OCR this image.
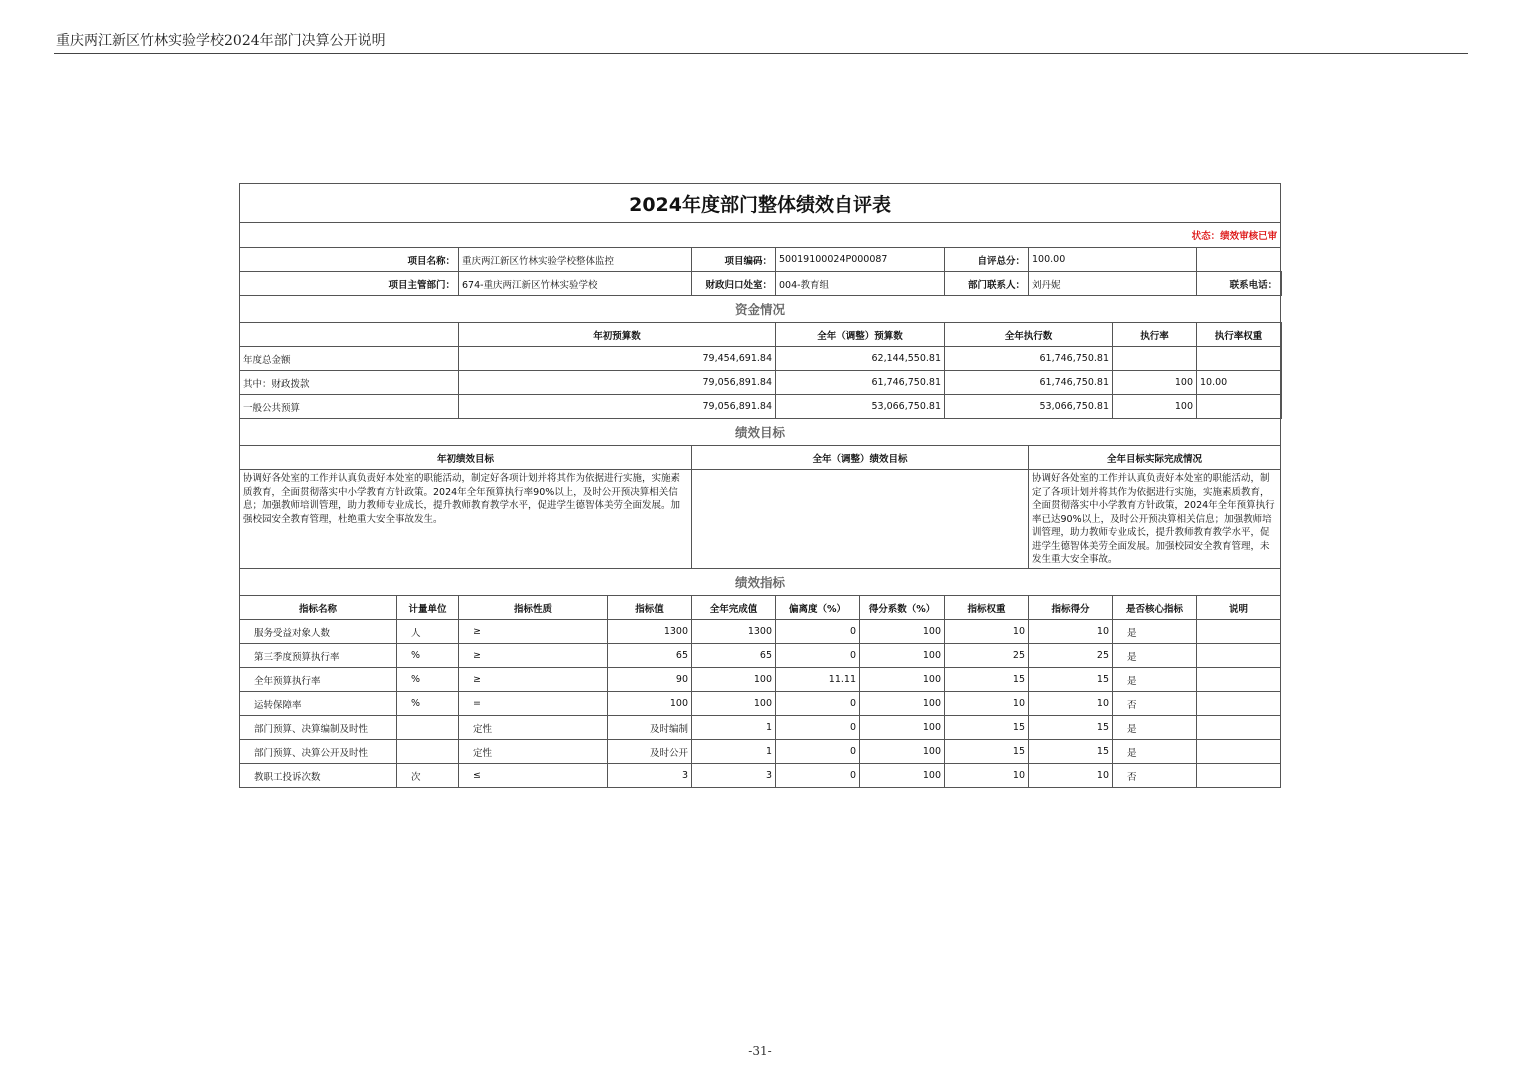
重庆两江新区竹林实验学校2024年部门决算公开说明
2024年度部门整体绩效自评表											
状态：绩效审核已审											
项目名称：		重庆两江新区竹林实验学校整体监控		项目编码：	50019100024P000087		自评总分：	100.00			
项目主管部门：		674-重庆两江新区竹林实验学校		财政归口处室：	004-教育组		部门联系人：	刘丹妮		联系电话：	
资金情况											
		年初预算数			全年（调整）预算数		全年执行数		执行率	执行率权重	
年度总金额		79,454,691.84			62,144,550.81		61,746,750.81				
其中：财政拨款		79,056,891.84			61,746,750.81		61,746,750.81		100	10.00	
一般公共预算		79,056,891.84			53,066,750.81		53,066,750.81		100		
绩效目标											
年初绩效目标				全年（调整）绩效目标				全年目标实际完成情况			
协调好各处室的工作并认真负责好本处室的职能活动，制定好各项计划并将其作为依据进行实施，实施素质教育，全面贯彻落实中小学教育方针政策。2024年全年预算执行率90%以上，及时公开预决算相关信息；加强教师培训管理，助力教师专业成长，提升教师教育教学水平，促进学生德智体美劳全面发展。加强校园安全教育管理，杜绝重大安全事故发生。								协调好各处室的工作并认真负责好本处室的职能活动，制定了各项计划并将其作为依据进行实施，实施素质教育，全面贯彻落实中小学教育方针政策，2024年全年预算执行率已达90%以上，及时公开预决算相关信息；加强教师培训管理，助力教师专业成长，提升教师教育教学水平，促进学生德智体美劳全面发展。加强校园安全教育管理，未发生重大安全事故。			
绩效指标											
指标名称	计量单位	指标性质	指标值	全年完成值	偏离度（%）	得分系数（%）	指标权重	指标得分	是否核心指标	说明	
服务受益对象人数	人	≥	1300	1300	0	100	10	10	是		
第三季度预算执行率	%	≥	65	65	0	100	25	25	是		
全年预算执行率	%	≥	90	100	11.11	100	15	15	是		
运转保障率	%	=	100	100	0	100	10	10	否		
部门预算、决算编制及时性		定性	及时编制	1	0	100	15	15	是		
部门预算、决算公开及时性		定性	及时公开	1	0	100	15	15	是		
教职工投诉次数	次	≤	3	3	0	100	10	10	否		
-31-
